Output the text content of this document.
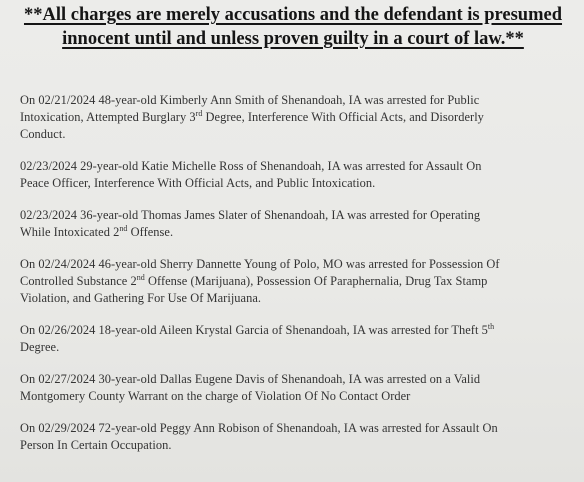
**All charges are merely accusations and the defendant is presumed
innocent until and unless proven guilty in a court of law.**
On 02/21/2024 48-year-old Kimberly Ann Smith of Shenandoah, IA was arrested for Public
Intoxication, Attempted Burglary 3rd Degree, Interference With Official Acts, and Disorderly
Conduct.
02/23/2024 29-year-old Katie Michelle Ross of Shenandoah, IA was arrested for Assault On
Peace Officer, Interference With Official Acts, and Public Intoxication.
02/23/2024 36-year-old Thomas James Slater of Shenandoah, IA was arrested for Operating
While Intoxicated 2nd Offense.
On 02/24/2024 46-year-old Sherry Dannette Young of Polo, MO was arrested for Possession Of
Controlled Substance 2nd Offense (Marijuana), Possession Of Paraphernalia, Drug Tax Stamp
Violation, and Gathering For Use Of Marijuana.
On 02/26/2024 18-year-old Aileen Krystal Garcia of Shenandoah, IA was arrested for Theft 5th
Degree.
On 02/27/2024 30-year-old Dallas Eugene Davis of Shenandoah, IA was arrested on a Valid
Montgomery County Warrant on the charge of Violation Of No Contact Order
On 02/29/2024 72-year-old Peggy Ann Robison of Shenandoah, IA was arrested for Assault On
Person In Certain Occupation.
